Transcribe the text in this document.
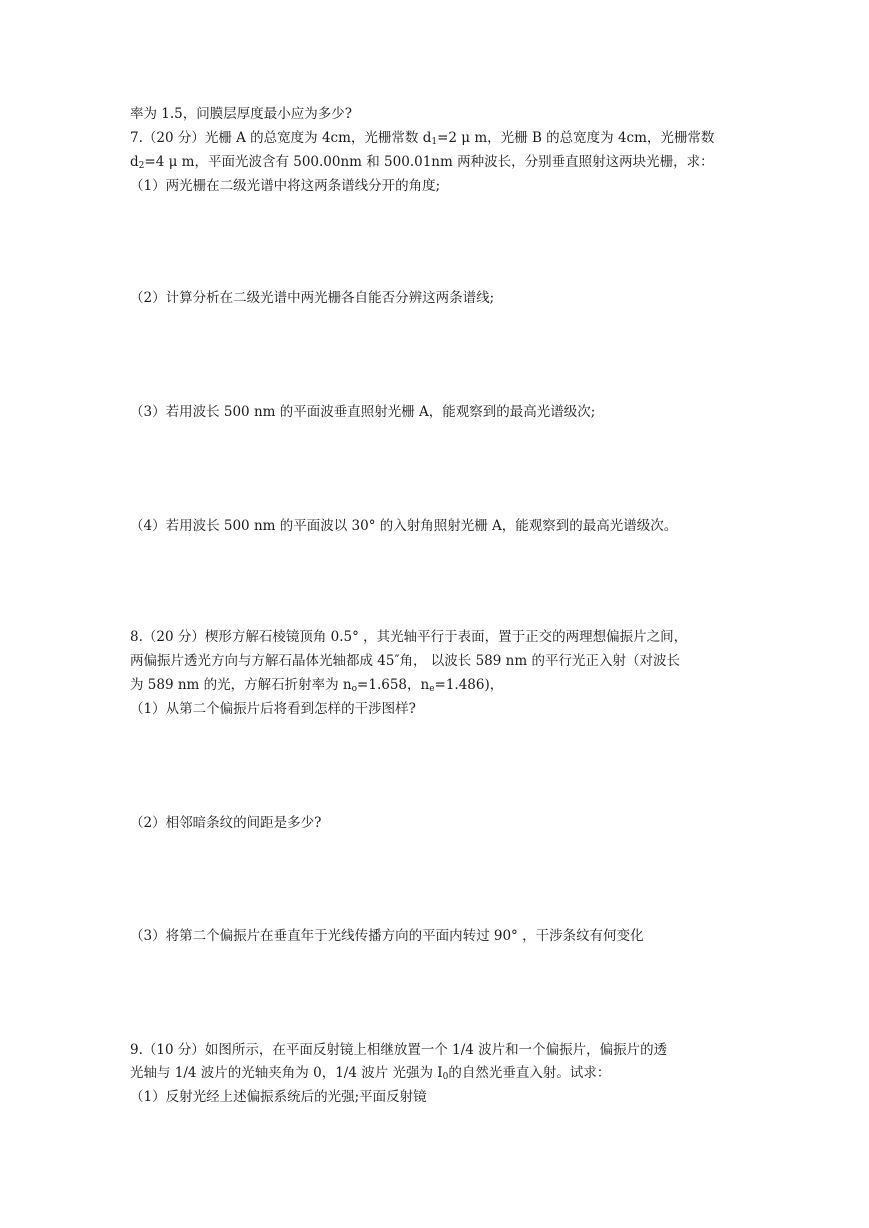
率为 1.5，问膜层厚度最小应为多少?
7.（20 分）光栅 A 的总宽度为 4cm，光栅常数 $d_1=2$ μ m，光栅 B 的总宽度为 4cm，光栅常数
$d_2=4$ μ m，平面光波含有 500.00nm 和 500.01nm 两种波长，分别垂直照射这两块光栅，求：
（1）两光栅在二级光谱中将这两条谱线分开的角度;
（2）计算分析在二级光谱中两光栅各自能否分辨这两条谱线;
（3）若用波长 500 nm 的平面波垂直照射光栅 A，能观察到的最高光谱级次;
（4）若用波长 500 nm 的平面波以 30° 的入射角照射光栅 A，能观察到的最高光谱级次。
8.（20 分）楔形方解石棱镜顶角 0.5° ，其光轴平行于表面，置于正交的两理想偏振片之间，
两偏振片透光方向与方解石晶体光轴都成 45″角， 以波长 589 nm 的平行光正入射（对波长
为 589 nm 的光，方解石折射率为 $n_o=1.658$，$n_e=1.486$)，
（1）从第二个偏振片后将看到怎样的干涉图样?
（2）相邻暗条纹的间距是多少?
（3）将第二个偏振片在垂直年于光线传播方向的平面内转过 90° ，干涉条纹有何变化
9.（10 分）如图所示，在平面反射镜上相继放置一个 1/4 波片和一个偏振片，偏振片的透
光轴与 1/4 波片的光轴夹角为 0，1/4 波片 光强为 $I_0$的自然光垂直入射。试求：
（1）反射光经上述偏振系统后的光强;平面反射镜
